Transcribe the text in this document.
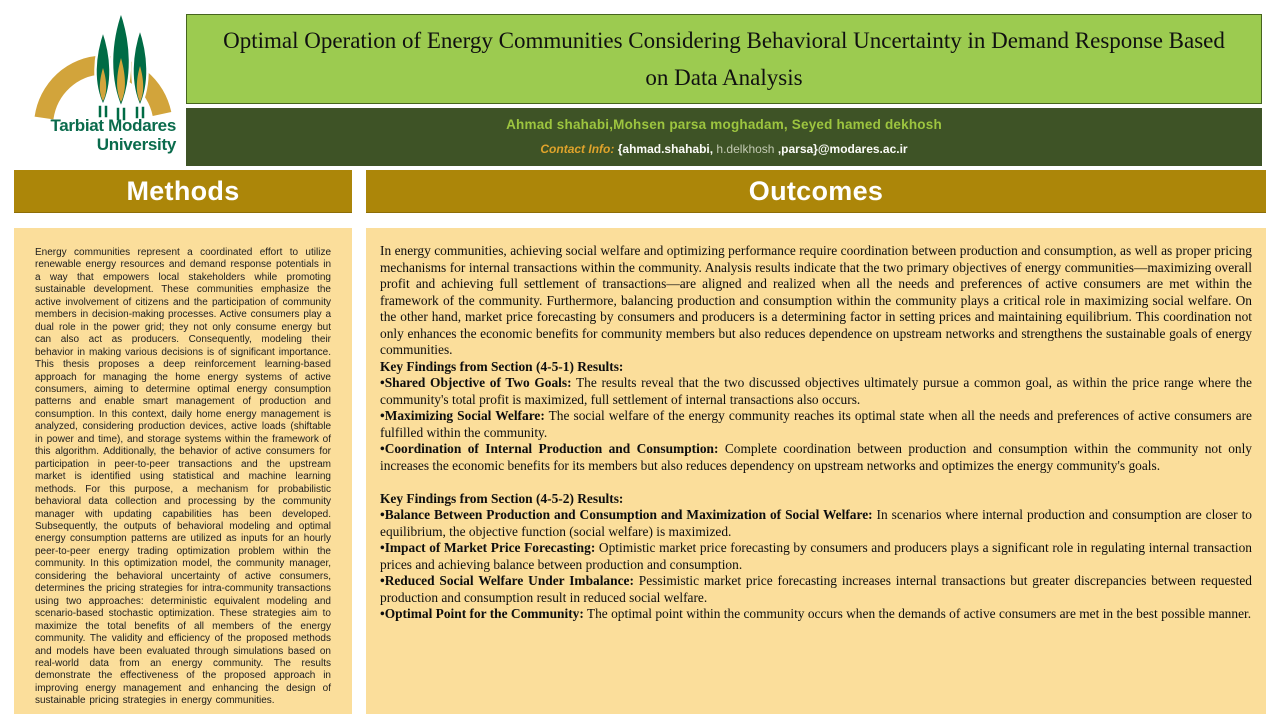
Tarbiat Modares
University
Optimal Operation of Energy Communities Considering Behavioral Uncertainty in Demand Response Based on Data Analysis
Ahmad shahabi,Mohsen parsa moghadam, Seyed hamed dekhosh
Contact Info: {ahmad.shahabi, h.delkhosh ,parsa}@modares.ac.ir
Methods	Outcomes

Energy communities represent a coordinated effort to utilize renewable energy resources and demand response potentials in a way that empowers local stakeholders while promoting sustainable development. These communities emphasize the active involvement of citizens and the participation of community members in decision-making processes. Active consumers play a dual role in the power grid; they not only consume energy but can also act as producers. Consequently, modeling their behavior in making various decisions is of significant importance. This thesis proposes a deep reinforcement learning-based approach for managing the home energy systems of active consumers, aiming to determine optimal energy consumption patterns and enable smart management of production and consumption. In this context, daily home energy management is analyzed, considering production devices, active loads (shiftable in power and time), and storage systems within the framework of this algorithm. Additionally, the behavior of active consumers for participation in peer-to-peer transactions and the upstream market is identified using statistical and machine learning methods. For this purpose, a mechanism for probabilistic behavioral data collection and processing by the community manager with updating capabilities has been developed. Subsequently, the outputs of behavioral modeling and optimal energy consumption patterns are utilized as inputs for an hourly peer-to-peer energy trading optimization problem within the community. In this optimization model, the community manager, considering the behavioral uncertainty of active consumers, determines the pricing strategies for intra-community transactions using two approaches: deterministic equivalent modeling and scenario-based stochastic optimization. These strategies aim to maximize the total benefits of all members of the energy community. The validity and efficiency of the proposed methods and models have been evaluated through simulations based on real-world data from an energy community. The results demonstrate the effectiveness of the proposed approach in improving energy management and enhancing the design of sustainable pricing strategies in energy communities.

In energy communities, achieving social welfare and optimizing performance require coordination between production and consumption, as well as proper pricing mechanisms for internal transactions within the community. Analysis results indicate that the two primary objectives of energy communities—maximizing overall profit and achieving full settlement of transactions—are aligned and realized when all the needs and preferences of active consumers are met within the framework of the community. Furthermore, balancing production and consumption within the community plays a critical role in maximizing social welfare. On the other hand, market price forecasting by consumers and producers is a determining factor in setting prices and maintaining equilibrium. This coordination not only enhances the economic benefits for community members but also reduces dependence on upstream networks and strengthens the sustainable goals of energy communities.

Key Findings from Section (4-5-1) Results:
•Shared Objective of Two Goals: The results reveal that the two discussed objectives ultimately pursue a common goal, as within the price range where the community's total profit is maximized, full settlement of internal transactions also occurs.
•Maximizing Social Welfare: The social welfare of the energy community reaches its optimal state when all the needs and preferences of active consumers are fulfilled within the community.
•Coordination of Internal Production and Consumption: Complete coordination between production and consumption within the community not only increases the economic benefits for its members but also reduces dependency on upstream networks and optimizes the energy community's goals.
Key Findings from Section (4-5-2) Results:
•Balance Between Production and Consumption and Maximization of Social Welfare: In scenarios where internal production and consumption are closer to equilibrium, the objective function (social welfare) is maximized.
•Impact of Market Price Forecasting: Optimistic market price forecasting by consumers and producers plays a significant role in regulating internal transaction prices and achieving balance between production and consumption.
•Reduced Social Welfare Under Imbalance: Pessimistic market price forecasting increases internal transactions but greater discrepancies between requested production and consumption result in reduced social welfare.
•Optimal Point for the Community: The optimal point within the community occurs when the demands of active consumers are met in the best possible manner.
